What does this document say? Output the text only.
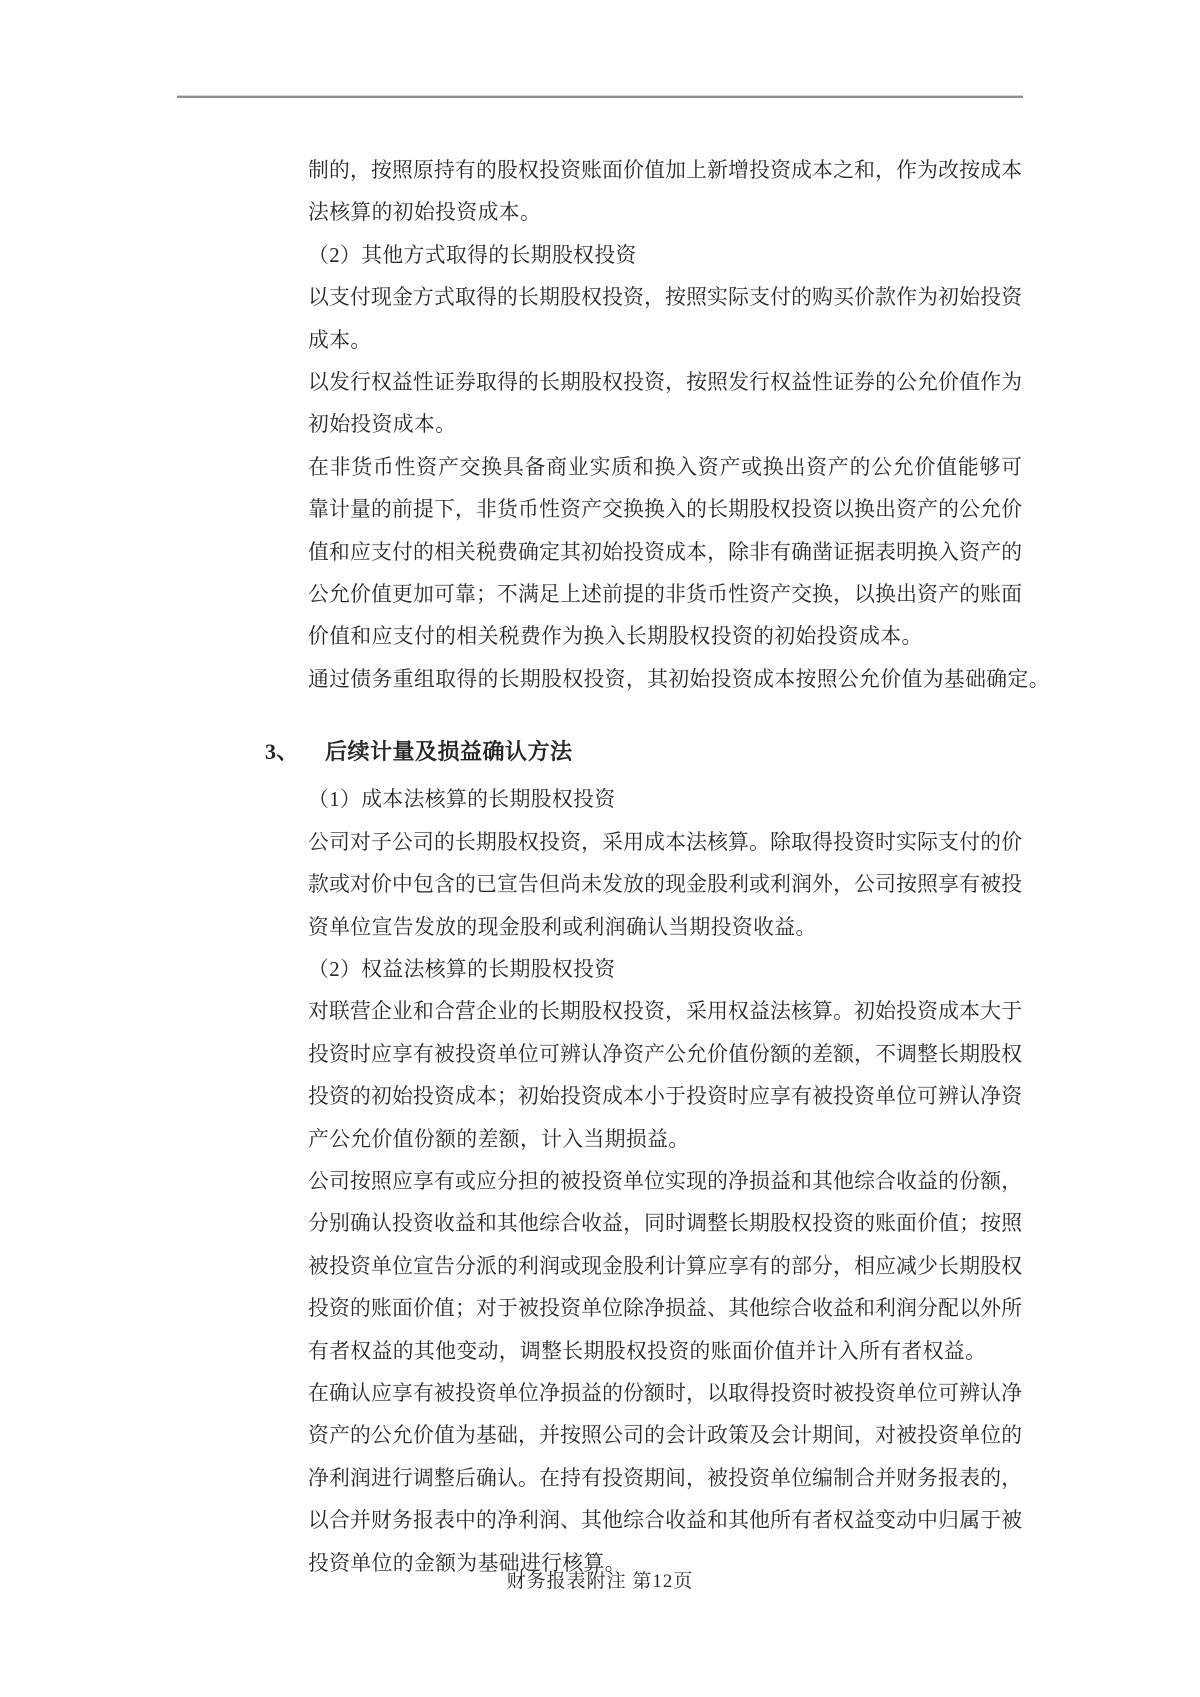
制的，按照原持有的股权投资账面价值加上新增投资成本之和，作为改按成本
法核算的初始投资成本。
（2）其他方式取得的长期股权投资
以支付现金方式取得的长期股权投资，按照实际支付的购买价款作为初始投资
成本。
以发行权益性证券取得的长期股权投资，按照发行权益性证券的公允价值作为
初始投资成本。
在非货币性资产交换具备商业实质和换入资产或换出资产的公允价值能够可
靠计量的前提下，非货币性资产交换换入的长期股权投资以换出资产的公允价
值和应支付的相关税费确定其初始投资成本，除非有确凿证据表明换入资产的
公允价值更加可靠；不满足上述前提的非货币性资产交换，以换出资产的账面
价值和应支付的相关税费作为换入长期股权投资的初始投资成本。
通过债务重组取得的长期股权投资，其初始投资成本按照公允价值为基础确定。
3、 后续计量及损益确认方法
（1）成本法核算的长期股权投资
公司对子公司的长期股权投资，采用成本法核算。除取得投资时实际支付的价
款或对价中包含的已宣告但尚未发放的现金股利或利润外，公司按照享有被投
资单位宣告发放的现金股利或利润确认当期投资收益。
（2）权益法核算的长期股权投资
对联营企业和合营企业的长期股权投资，采用权益法核算。初始投资成本大于
投资时应享有被投资单位可辨认净资产公允价值份额的差额，不调整长期股权
投资的初始投资成本；初始投资成本小于投资时应享有被投资单位可辨认净资
产公允价值份额的差额，计入当期损益。
公司按照应享有或应分担的被投资单位实现的净损益和其他综合收益的份额，
分别确认投资收益和其他综合收益，同时调整长期股权投资的账面价值；按照
被投资单位宣告分派的利润或现金股利计算应享有的部分，相应减少长期股权
投资的账面价值；对于被投资单位除净损益、其他综合收益和利润分配以外所
有者权益的其他变动，调整长期股权投资的账面价值并计入所有者权益。
在确认应享有被投资单位净损益的份额时，以取得投资时被投资单位可辨认净
资产的公允价值为基础，并按照公司的会计政策及会计期间，对被投资单位的
净利润进行调整后确认。在持有投资期间，被投资单位编制合并财务报表的，
以合并财务报表中的净利润、其他综合收益和其他所有者权益变动中归属于被
投资单位的金额为基础进行核算。
财务报表附注 第12页
